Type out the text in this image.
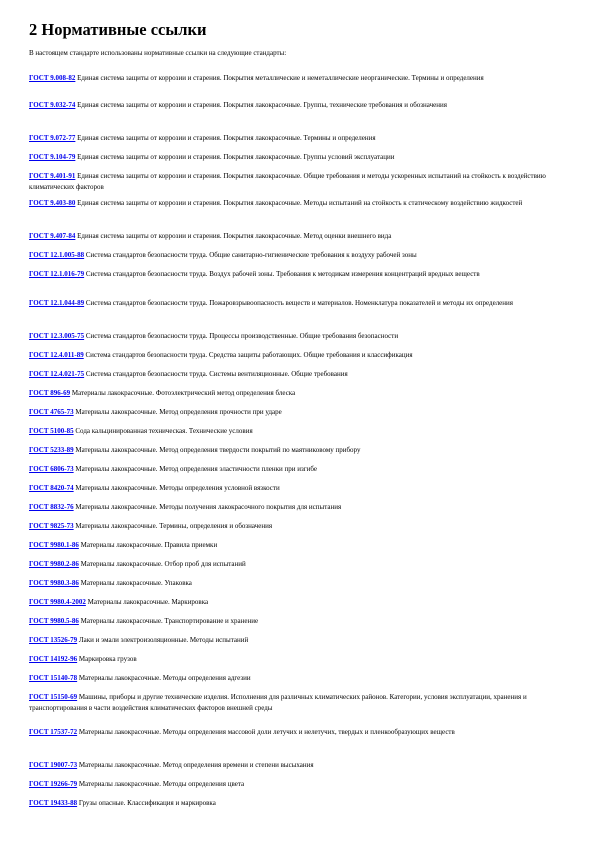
2 Нормативные ссылки

В настоящем стандарте использованы нормативные ссылки на следующие стандарты:

ГОСТ 9.008-82 Единая система защиты от коррозии и старения. Покрытия металлические и неметаллические неорганические. Термины и определения
ГОСТ 9.032-74 Единая система защиты от коррозии и старения. Покрытия лакокрасочные. Группы, технические требования и обозначения
ГОСТ 9.072-77 Единая система защиты от коррозии и старения. Покрытия лакокрасочные. Термины и определения
ГОСТ 9.104-79 Единая система защиты от коррозии и старения. Покрытия лакокрасочные. Группы условий эксплуатации
ГОСТ 9.401-91 Единая система защиты от коррозии и старения. Покрытия лакокрасочные. Общие требования и методы ускоренных испытаний на стойкость к воздействию климатических факторов
ГОСТ 9.403-80 Единая система защиты от коррозии и старения. Покрытия лакокрасочные. Методы испытаний на стойкость к статическому воздействию жидкостей
ГОСТ 9.407-84 Единая система защиты от коррозии и старения. Покрытия лакокрасочные. Метод оценки внешнего вида
ГОСТ 12.1.005-88 Система стандартов безопасности труда. Общие санитарно-гигиенические требования к воздуху рабочей зоны
ГОСТ 12.1.016-79 Система стандартов безопасности труда. Воздух рабочей зоны. Требования к методикам измерения концентраций вредных веществ
ГОСТ 12.1.044-89 Система стандартов безопасности труда. Пожаровзрывоопасность веществ и материалов. Номенклатура показателей и методы их определения
ГОСТ 12.3.005-75 Система стандартов безопасности труда. Процессы производственные. Общие требования безопасности
ГОСТ 12.4.011-89 Система стандартов безопасности труда. Средства защиты работающих. Общие требования и классификация
ГОСТ 12.4.021-75 Система стандартов безопасности труда. Системы вентиляционные. Общие требования
ГОСТ 896-69 Материалы лакокрасочные. Фотоэлектрический метод определения блеска
ГОСТ 4765-73 Материалы лакокрасочные. Метод определения прочности при ударе
ГОСТ 5100-85 Сода кальцинированная техническая. Технические условия
ГОСТ 5233-89 Материалы лакокрасочные. Метод определения твердости покрытий по маятниковому прибору
ГОСТ 6806-73 Материалы лакокрасочные. Метод определения эластичности пленки при изгибе
ГОСТ 8420-74 Материалы лакокрасочные. Методы определения условной вязкости
ГОСТ 8832-76 Материалы лакокрасочные. Методы получения лакокрасочного покрытия для испытания
ГОСТ 9825-73 Материалы лакокрасочные. Термины, определения и обозначения
ГОСТ 9980.1-86 Материалы лакокрасочные. Правила приемки
ГОСТ 9980.2-86 Материалы лакокрасочные. Отбор проб для испытаний
ГОСТ 9980.3-86 Материалы лакокрасочные. Упаковка
ГОСТ 9980.4-2002 Материалы лакокрасочные. Маркировка
ГОСТ 9980.5-86 Материалы лакокрасочные. Транспортирование и хранение
ГОСТ 13526-79 Лаки и эмали электроизоляционные. Методы испытаний
ГОСТ 14192-96 Маркировка грузов
ГОСТ 15140-78 Материалы лакокрасочные. Методы определения адгезии
ГОСТ 15150-69 Машины, приборы и другие технические изделия. Исполнения для различных климатических районов. Категории, условия эксплуатации, хранения и транспортирования в части воздействия климатических факторов внешней среды
ГОСТ 17537-72 Материалы лакокрасочные. Методы определения массовой доли летучих и нелетучих, твердых и пленкообразующих веществ
ГОСТ 19007-73 Материалы лакокрасочные. Метод определения времени и степени высыхания
ГОСТ 19266-79 Материалы лакокрасочные. Методы определения цвета
ГОСТ 19433-88 Грузы опасные. Классификация и маркировка
